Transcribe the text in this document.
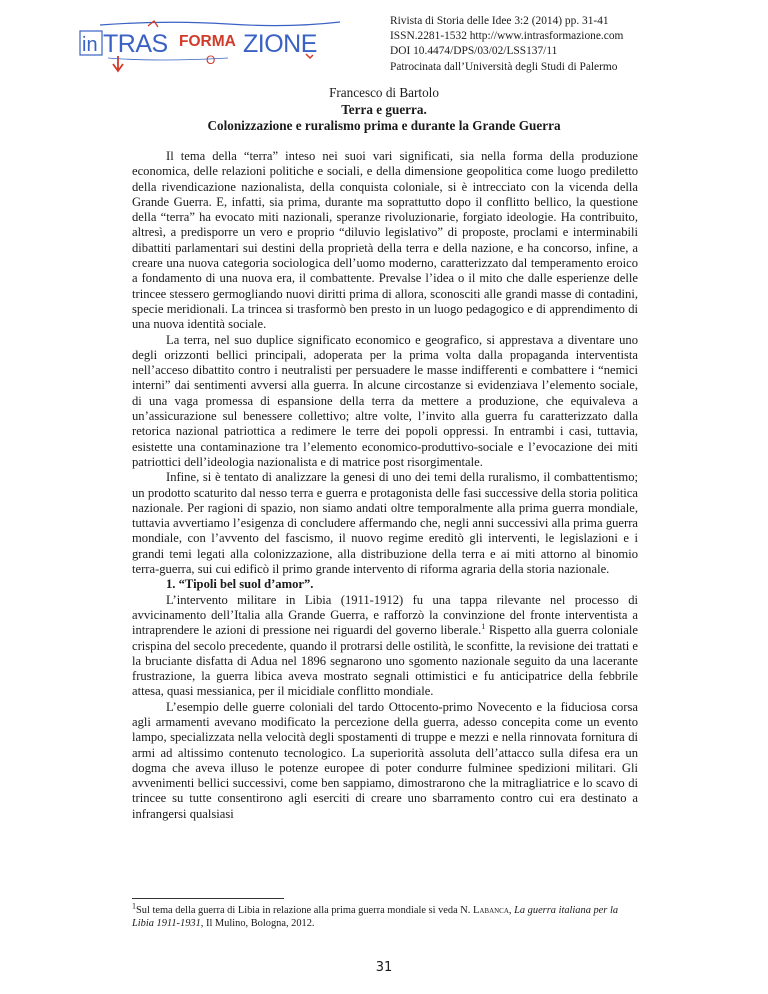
in TRAS FORMA ZIONE
O
Rivista di Storia delle Idee 3:2 (2014) pp. 31-41
ISSN.2281-1532 http://www.intrasformazione.com
DOI 10.4474/DPS/03/02/LSS137/11
Patrocinata dall’Università degli Studi di Palermo
Francesco di Bartolo
Terra e guerra.
Colonizzazione e ruralismo prima e durante la Grande Guerra

Il tema della “terra” inteso nei suoi vari significati, sia nella forma della produzione economica, delle relazioni politiche e sociali, e della dimensione geopolitica come luogo prediletto della rivendicazione nazionalista, della conquista coloniale, si è intrecciato con la vicenda della Grande Guerra. E, infatti, sia prima, durante ma soprattutto dopo il conflitto bellico, la questione della “terra” ha evocato miti nazionali, speranze rivoluzionarie, forgiato ideologie. Ha contribuito, altresì, a predisporre un vero e proprio “diluvio legislativo” di proposte, proclami e interminabili dibattiti parlamentari sui destini della proprietà della terra e della nazione, e ha concorso, infine, a creare una nuova categoria sociologica dell’uomo moderno, caratterizzato dal temperamento eroico a fondamento di una nuova era, il combattente. Prevalse l’idea o il mito che dalle esperienze delle trincee stessero germogliando nuovi diritti prima di allora, sconosciti alle grandi masse di contadini, specie meridionali. La trincea si trasformò ben presto in un luogo pedagogico e di apprendimento di una nuova identità sociale.

La terra, nel suo duplice significato economico e geografico, si apprestava a diventare uno degli orizzonti bellici principali, adoperata per la prima volta dalla propaganda interventista nell’acceso dibattito contro i neutralisti per persuadere le masse indifferenti e combattere i “nemici interni” dai sentimenti avversi alla guerra. In alcune circostanze si evidenziava l’elemento sociale, di una vaga promessa di espansione della terra da mettere a produzione, che equivaleva a un’assicurazione sul benessere collettivo; altre volte, l’invito alla guerra fu caratterizzato dalla retorica nazional patriottica a redimere le terre dei popoli oppressi. In entrambi i casi, tuttavia, esistette una contaminazione tra l’elemento economico-produttivo-sociale e l’evocazione dei miti patriottici dell’ideologia nazionalista e di matrice post risorgimentale.

Infine, si è tentato di analizzare la genesi di uno dei temi della ruralismo, il combattentismo; un prodotto scaturito dal nesso terra e guerra e protagonista delle fasi successive della storia politica nazionale. Per ragioni di spazio, non siamo andati oltre temporalmente alla prima guerra mondiale, tuttavia avvertiamo l’esigenza di concludere affermando che, negli anni successivi alla prima guerra mondiale, con l’avvento del fascismo, il nuovo regime ereditò gli interventi, le legislazioni e i grandi temi legati alla colonizzazione, alla distribuzione della terra e ai miti attorno al binomio terra-guerra, sui cui edificò il primo grande intervento di riforma agraria della storia nazionale.

1. “Tipoli bel suol d’amor”.

L’intervento militare in Libia (1911-1912) fu una tappa rilevante nel processo di avvicinamento dell’Italia alla Grande Guerra, e rafforzò la convinzione del fronte interventista a intraprendere le azioni di pressione nei riguardi del governo liberale.$^1$ Rispetto alla guerra coloniale crispina del secolo precedente, quando il protrarsi delle ostilità, le sconfitte, la revisione dei trattati e la bruciante disfatta di Adua nel 1896 segnarono uno sgomento nazionale seguito da una lacerante frustrazione, la guerra libica aveva mostrato segnali ottimistici e fu anticipatrice della febbrile attesa, quasi messianica, per il micidiale conflitto mondiale.

L’esempio delle guerre coloniali del tardo Ottocento-primo Novecento e la fiduciosa corsa agli armamenti avevano modificato la percezione della guerra, adesso concepita come un evento lampo, specializzata nella velocità degli spostamenti di truppe e mezzi e nella rinnovata fornitura di armi ad altissimo contenuto tecnologico. La superiorità assoluta dell’attacco sulla difesa era un dogma che aveva illuso le potenze europee di poter condurre fulminee spedizioni militari. Gli avvenimenti bellici successivi, come ben sappiamo, dimostrarono che la mitragliatrice e lo scavo di trincee su tutte consentirono agli eserciti di creare uno sbarramento contro cui era destinato a infrangersi qualsiasi

$^1$Sul tema della guerra di Libia in relazione alla prima guerra mondiale si veda N. Labanca, La guerra italiana per la Libia 1911-1931, Il Mulino, Bologna, 2012.
31
